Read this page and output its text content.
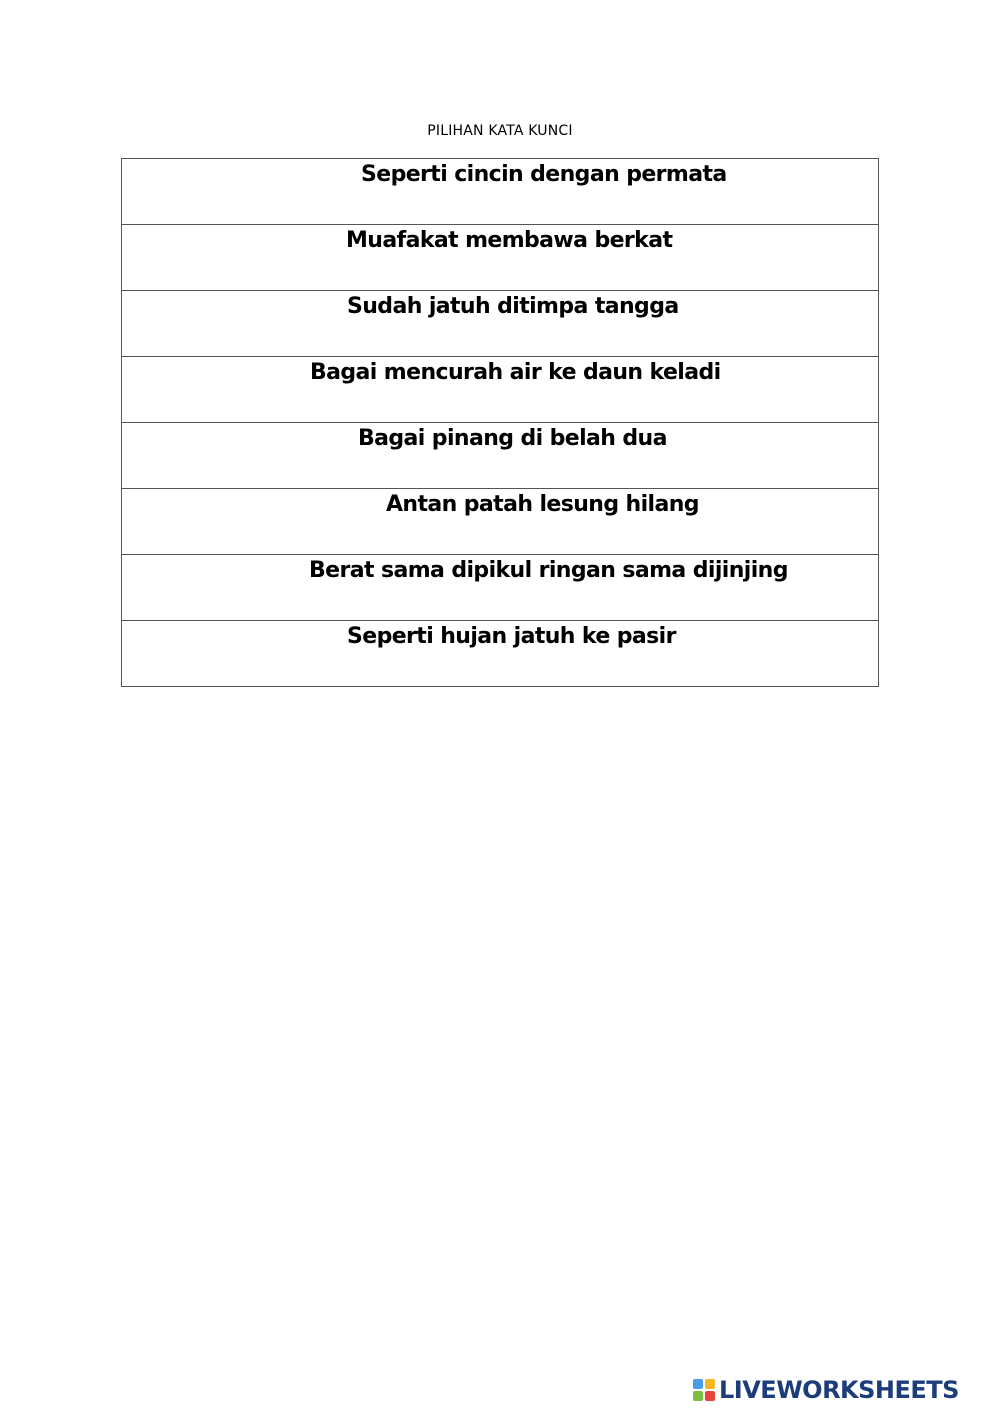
PILIHAN KATA KUNCI
Seperti cincin dengan permata

Muafakat membawa berkat

Sudah jatuh ditimpa tangga

Bagai mencurah air ke daun keladi

Bagai pinang di belah dua

Antan patah lesung hilang

Berat sama dipikul ringan sama dijinjing

Seperti hujan jatuh ke pasir
LIVEWORKSHEETS
